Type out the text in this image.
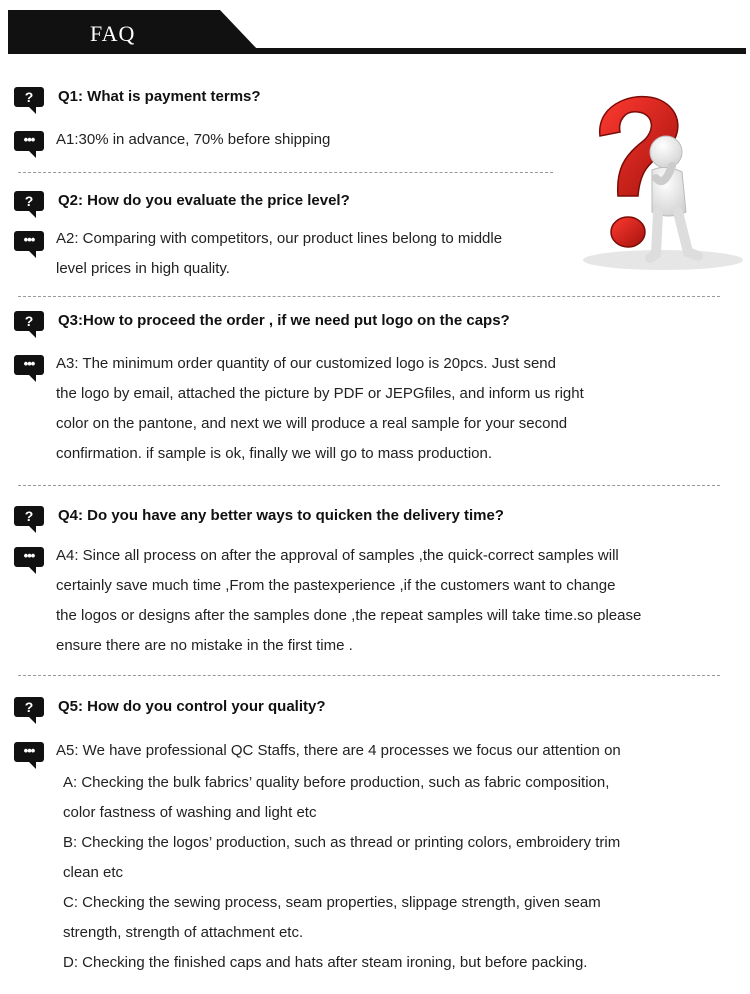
FAQ
?	Q1: What is payment terms?
•••	A1:30% in advance, 70% before shipping
?	Q2: How do you evaluate the price level?
•••	A2: Comparing with competitors, our product lines belong to middle
level prices in high quality.
?	Q3:How to proceed the order , if we need put logo on the caps?
•••	A3: The minimum order quantity of our customized logo is 20pcs. Just send
the logo by email, attached the picture by PDF or JEPGfiles, and inform us right
color on the pantone, and next we will produce a real sample for your second
confirmation. if sample is ok, finally we will go to mass production.
?	Q4: Do you have any better ways to quicken the delivery time?
•••	A4: Since all process on after the approval of samples ,the quick-correct samples will
certainly save much time ,From the pastexperience ,if the customers want to change
the logos or designs after the samples done ,the repeat samples will take time.so please
ensure there are no mistake in the first time .
?	Q5: How do you control your quality?
•••	A5: We have professional QC Staffs, there are 4 processes we focus our attention on
A: Checking the bulk fabrics’ quality before production, such as fabric composition,
color fastness of washing and light etc
B: Checking the logos’ production, such as thread or printing colors, embroidery trim
clean etc
C: Checking the sewing process, seam properties, slippage strength, given seam
strength, strength of attachment etc.
D: Checking the finished caps and hats after steam ironing, but before packing.
